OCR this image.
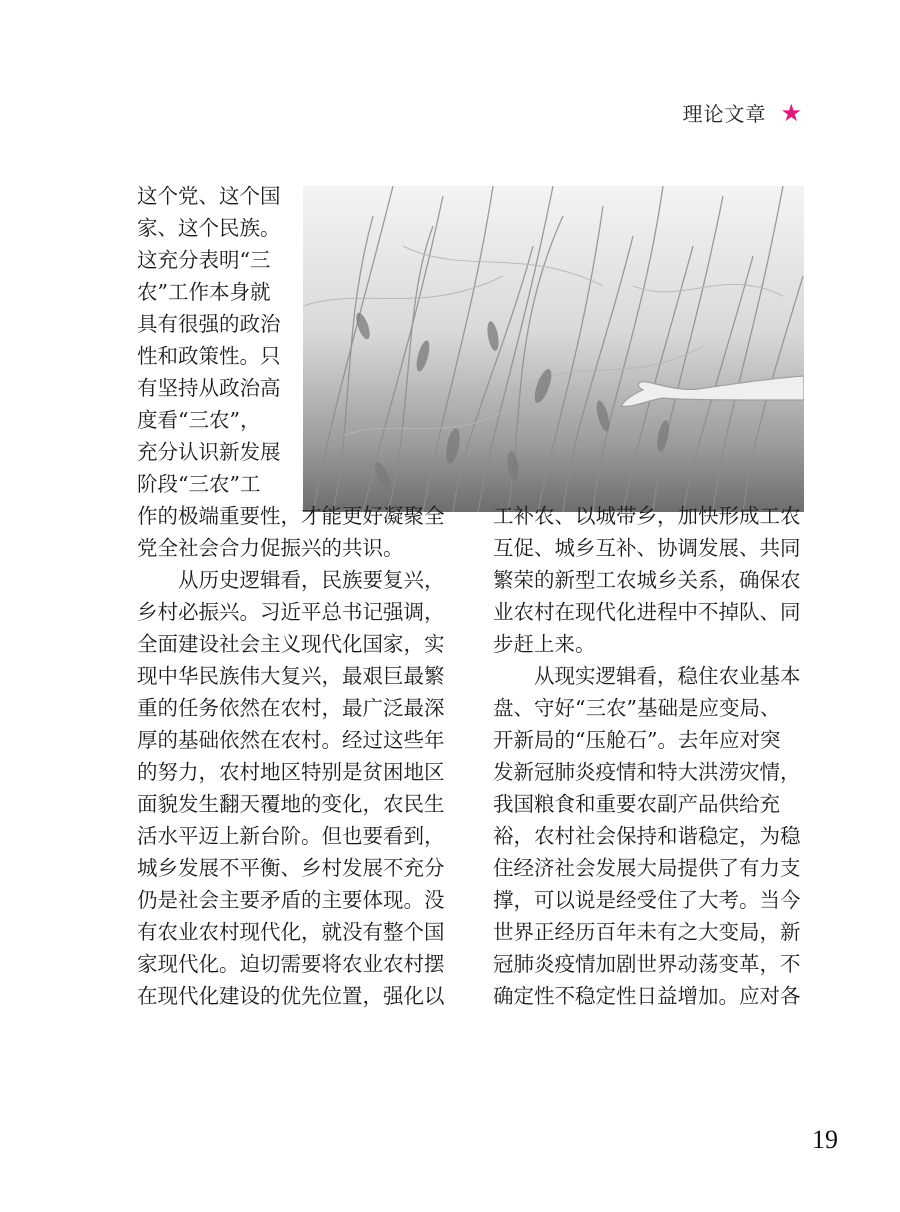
理论文章 ★
这个党、这个国
家、这个民族。
这充分表明“三
农”工作本身就
具有很强的政治
性和政策性。只
有坚持从政治高
度看“三农”，
充分认识新发展
阶段“三农”工
作的极端重要性，才能更好凝聚全
党全社会合力促振兴的共识。
从历史逻辑看，民族要复兴，
乡村必振兴。习近平总书记强调，
全面建设社会主义现代化国家，实
现中华民族伟大复兴，最艰巨最繁
重的任务依然在农村，最广泛最深
厚的基础依然在农村。经过这些年
的努力，农村地区特别是贫困地区
面貌发生翻天覆地的变化，农民生
活水平迈上新台阶。但也要看到，
城乡发展不平衡、乡村发展不充分
仍是社会主要矛盾的主要体现。没
有农业农村现代化，就没有整个国
家现代化。迫切需要将农业农村摆
在现代化建设的优先位置，强化以
工补农、以城带乡，加快形成工农
互促、城乡互补、协调发展、共同
繁荣的新型工农城乡关系，确保农
业农村在现代化进程中不掉队、同
步赶上来。
从现实逻辑看，稳住农业基本
盘、守好“三农”基础是应变局、
开新局的“压舱石”。去年应对突
发新冠肺炎疫情和特大洪涝灾情，
我国粮食和重要农副产品供给充
裕，农村社会保持和谐稳定，为稳
住经济社会发展大局提供了有力支
撑，可以说是经受住了大考。当今
世界正经历百年未有之大变局，新
冠肺炎疫情加剧世界动荡变革，不
确定性不稳定性日益增加。应对各
19
